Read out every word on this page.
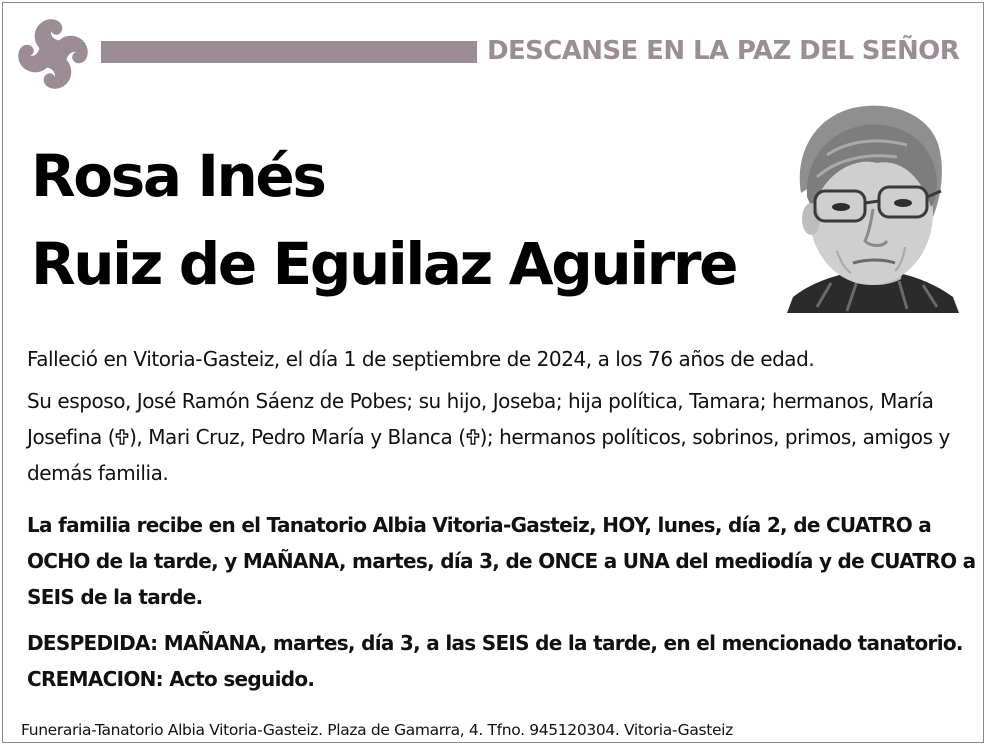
DESCANSE EN LA PAZ DEL SEÑOR
Rosa Inés
Ruiz de Eguilaz Aguirre
Falleció en Vitoria-Gasteiz, el día 1 de septiembre de 2024, a los 76 años de edad.
Su esposo, José Ramón Sáenz de Pobes; su hijo, Joseba; hija política, Tamara; hermanos, María Josefina ( ), Mari Cruz, Pedro María y Blanca ( ); hermanos políticos, sobrinos, primos, amigos y demás familia.
La familia recibe en el Tanatorio Albia Vitoria-Gasteiz, HOY, lunes, día 2, de CUATRO a OCHO de la tarde, y MAÑANA, martes, día 3, de ONCE a UNA del mediodía y de CUATRO a SEIS de la tarde.
DESPEDIDA: MAÑANA, martes, día 3, a las SEIS de la tarde, en el mencionado tanatorio. CREMACION: Acto seguido.
Funeraria-Tanatorio Albia Vitoria-Gasteiz. Plaza de Gamarra, 4. Tfno. 945120304. Vitoria-Gasteiz
